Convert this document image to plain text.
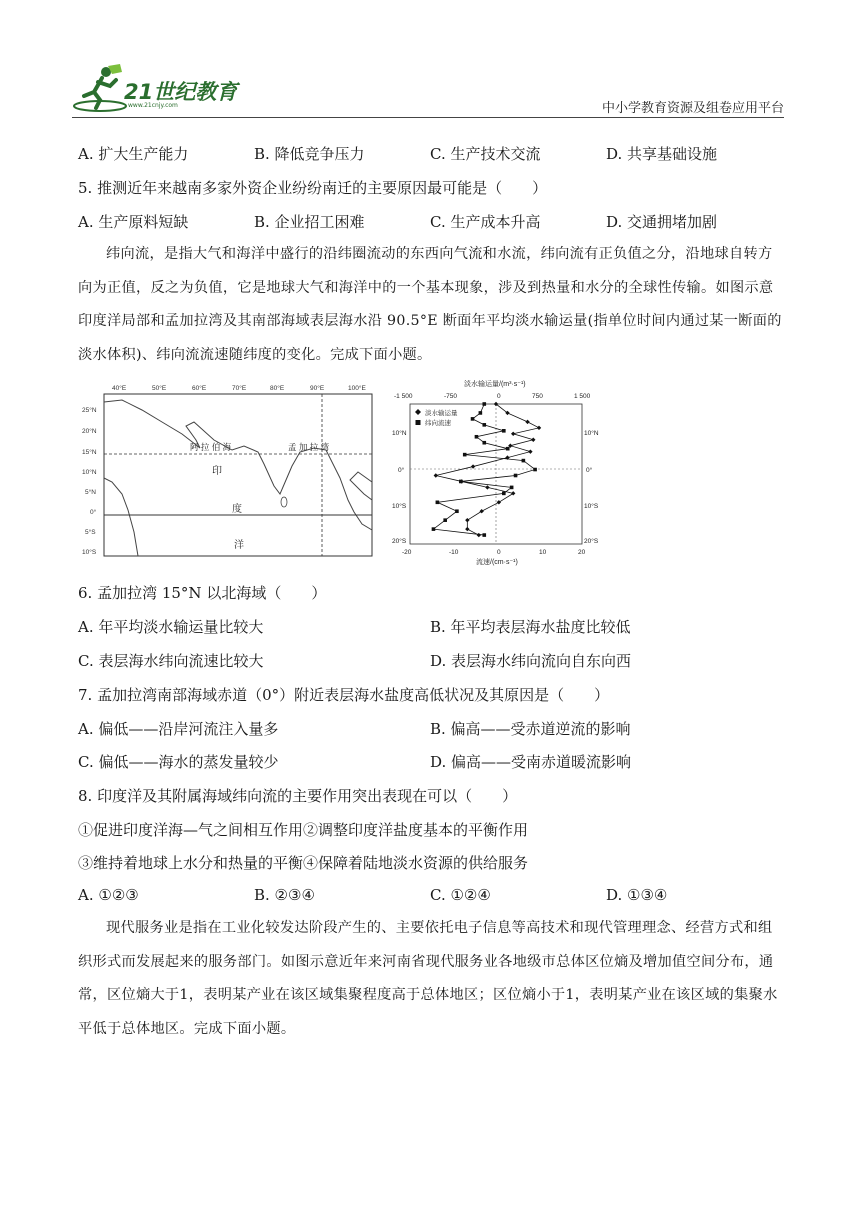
21世纪教育
www.21cnjy.com	中小学教育资源及组卷应用平台
A. 扩大生产能力	B. 降低竞争压力	C. 生产技术交流	D. 共享基础设施
5. 推测近年来越南多家外资企业纷纷南迁的主要原因最可能是（　　）
A. 生产原料短缺	B. 企业招工困难	C. 生产成本升高	D. 交通拥堵加剧
纬向流，是指大气和海洋中盛行的沿纬圈流动的东西向气流和水流，纬向流有正负值之分，沿地球自转方向为正值，反之为负值，它是地球大气和海洋中的一个基本现象，涉及到热量和水分的全球性传输。如图示意印度洋局部和孟加拉湾及其南部海域表层海水沿 90.5°E 断面年平均淡水输运量(指单位时间内通过某一断面的淡水体积)、纬向流流速随纬度的变化。完成下面小题。
40°E	50°E	60°E	70°E	80°E	90°E	100°E
25°N
20°N
15°N
10°N
5°N
0°
5°S
10°S
阿 拉 伯 海	孟 加 拉 湾
印
度
洋
淡水输运量/(m³·s⁻¹)
-1 500	-750	0	750	1 500
-20	-10	0	10	20
10°N
0°
10°S
20°S
10°N
0°
10°S
20°S
流速/(cm·s⁻¹)
淡水输运量
纬向流速
6. 孟加拉湾 15°N 以北海域（　　）
A. 年平均淡水输运量比较大	B. 年平均表层海水盐度比较低
C. 表层海水纬向流速比较大	D. 表层海水纬向流向自东向西
7. 孟加拉湾南部海域赤道（0°）附近表层海水盐度高低状况及其原因是（　　）
A. 偏低——沿岸河流注入量多	B. 偏高——受赤道逆流的影响
C. 偏低——海水的蒸发量较少	D. 偏高——受南赤道暖流影响
8. 印度洋及其附属海域纬向流的主要作用突出表现在可以（　　）
①促进印度洋海—气之间相互作用②调整印度洋盐度基本的平衡作用
③维持着地球上水分和热量的平衡④保障着陆地淡水资源的供给服务
A. ①②③	B. ②③④	C. ①②④	D. ①③④
现代服务业是指在工业化较发达阶段产生的、主要依托电子信息等高技术和现代管理理念、经营方式和组织形式而发展起来的服务部门。如图示意近年来河南省现代服务业各地级市总体区位熵及增加值空间分布，通常，区位熵大于1，表明某产业在该区域集聚程度高于总体地区；区位熵小于1，表明某产业在该区域的集聚水平低于总体地区。完成下面小题。
